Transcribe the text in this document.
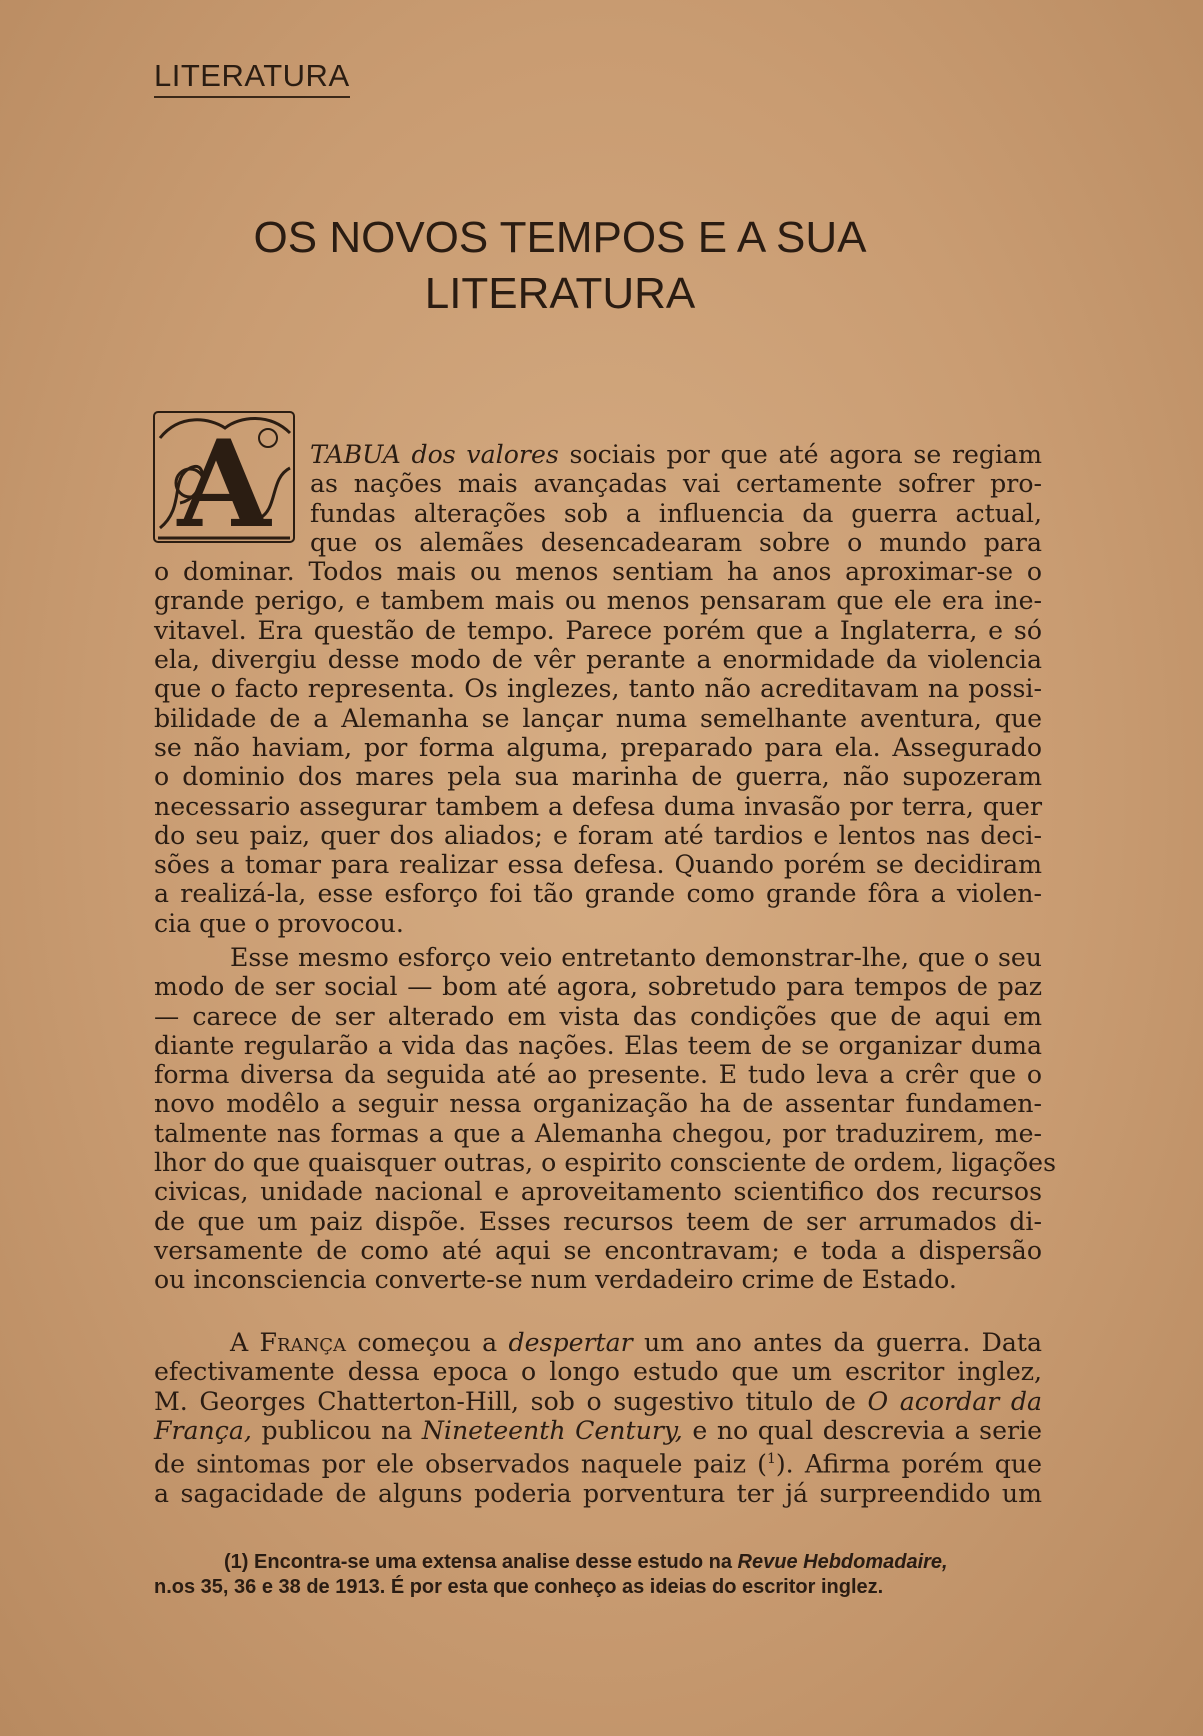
LITERATURA
OS NOVOS TEMPOS E A SUA
LITERATURA
A	TABUA dos valores sociais por que até agora se regiam
as nações mais avançadas vai certamente sofrer pro-
fundas alterações sob a influencia da guerra actual,
que os alemães desencadearam sobre o mundo para
o dominar. Todos mais ou menos sentiam ha anos aproximar-se o
grande perigo, e tambem mais ou menos pensaram que ele era ine-
vitavel. Era questão de tempo. Parece porém que a Inglaterra, e só
ela, divergiu desse modo de vêr perante a enormidade da violencia
que o facto representa. Os inglezes, tanto não acreditavam na possi-
bilidade de a Alemanha se lançar numa semelhante aventura, que
se não haviam, por forma alguma, preparado para ela. Assegurado
o dominio dos mares pela sua marinha de guerra, não supozeram
necessario assegurar tambem a defesa duma invasão por terra, quer
do seu paiz, quer dos aliados; e foram até tardios e lentos nas deci-
sões a tomar para realizar essa defesa. Quando porém se decidiram
a realizá-la, esse esforço foi tão grande como grande fôra a violen-
cia que o provocou.
Esse mesmo esforço veio entretanto demonstrar-lhe, que o seu
modo de ser social — bom até agora, sobretudo para tempos de paz
— carece de ser alterado em vista das condições que de aqui em
diante regularão a vida das nações. Elas teem de se organizar duma
forma diversa da seguida até ao presente. E tudo leva a crêr que o
novo modêlo a seguir nessa organização ha de assentar fundamen-
talmente nas formas a que a Alemanha chegou, por traduzirem, me-
lhor do que quaisquer outras, o espirito consciente de ordem, ligações
civicas, unidade nacional e aproveitamento scientifico dos recursos
de que um paiz dispõe. Esses recursos teem de ser arrumados di-
versamente de como até aqui se encontravam; e toda a dispersão
ou inconsciencia converte-se num verdadeiro crime de Estado.
A França começou a despertar um ano antes da guerra. Data
efectivamente dessa epoca o longo estudo que um escritor inglez,
M. Georges Chatterton-Hill, sob o sugestivo titulo de O acordar da
França, publicou na Nineteenth Century, e no qual descrevia a serie
de sintomas por ele observados naquele paiz ($^1$). Afirma porém que
a sagacidade de alguns poderia porventura ter já surpreendido um
(1) Encontra-se uma extensa analise desse estudo na Revue Hebdomadaire,
n.os 35, 36 e 38 de 1913. É por esta que conheço as ideias do escritor inglez.
